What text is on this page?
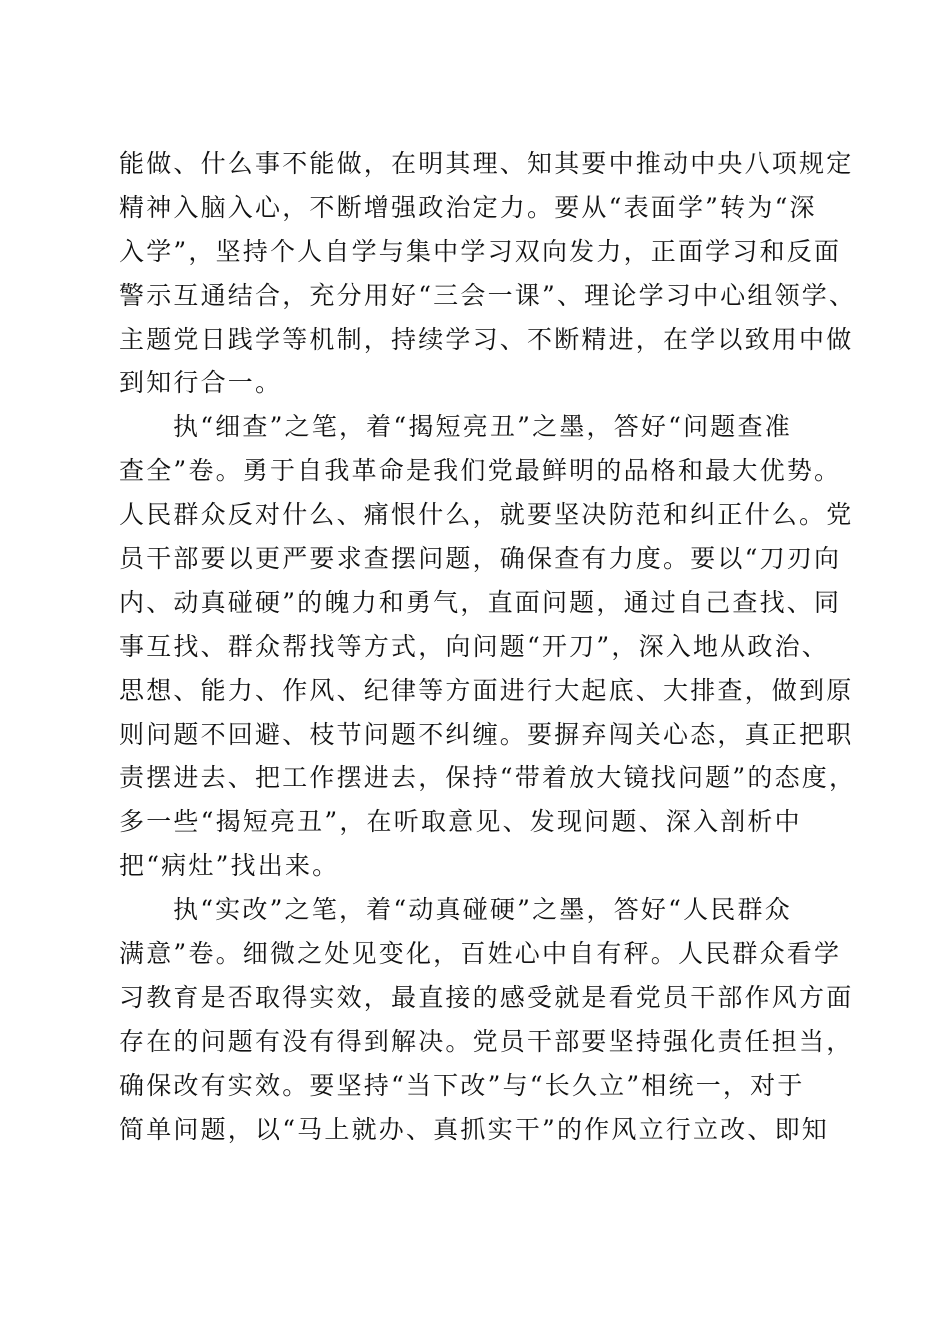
能做、什么事不能做，在明其理、知其要中推动中央八项规定
精神入脑入心，不断增强政治定力。要从“表面学”转为“深
入学”，坚持个人自学与集中学习双向发力，正面学习和反面
警示互通结合，充分用好“三会一课”、理论学习中心组领学、
主题党日践学等机制，持续学习、不断精进，在学以致用中做
到知行合一。
执“细查”之笔，着“揭短亮丑”之墨，答好“问题查准
查全”卷。勇于自我革命是我们党最鲜明的品格和最大优势。
人民群众反对什么、痛恨什么，就要坚决防范和纠正什么。党
员干部要以更严要求查摆问题，确保查有力度。要以“刀刃向
内、动真碰硬”的魄力和勇气，直面问题，通过自己查找、同
事互找、群众帮找等方式，向问题“开刀”，深入地从政治、
思想、能力、作风、纪律等方面进行大起底、大排查，做到原
则问题不回避、枝节问题不纠缠。要摒弃闯关心态，真正把职
责摆进去、把工作摆进去，保持“带着放大镜找问题”的态度，
多一些“揭短亮丑”，在听取意见、发现问题、深入剖析中
把“病灶”找出来。
执“实改”之笔，着“动真碰硬”之墨，答好“人民群众
满意”卷。细微之处见变化，百姓心中自有秤。人民群众看学
习教育是否取得实效，最直接的感受就是看党员干部作风方面
存在的问题有没有得到解决。党员干部要坚持强化责任担当，
确保改有实效。要坚持“当下改”与“长久立”相统一，对于
简单问题，以“马上就办、真抓实干”的作风立行立改、即知
